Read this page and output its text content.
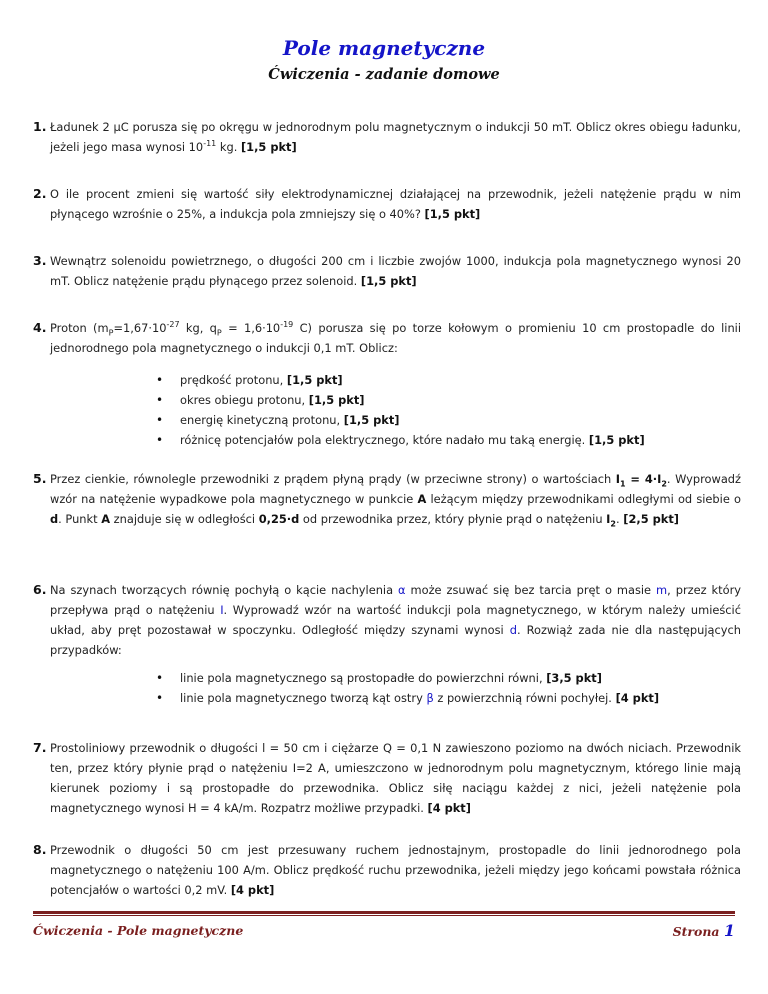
Pole magnetyczne
Ćwiczenia - zadanie domowe
1. Ładunek 2 µC porusza się po okręgu w jednorodnym polu magnetycznym o indukcji 50 mT. Oblicz okres obiegu ładunku, jeżeli jego masa wynosi $10^{-11}$ kg. [1,5 pkt]
2. O ile procent zmieni się wartość siły elektrodynamicznej działającej na przewodnik, jeżeli natężenie prądu w nim płynącego wzrośnie o 25%, a indukcja pola zmniejszy się o 40%? [1,5 pkt]
3. Wewnątrz solenoidu powietrznego, o długości 200 cm i liczbie zwojów 1000, indukcja pola magnetycznego wynosi 20 mT. Oblicz natężenie prądu płynącego przez solenoid. [1,5 pkt]
4. Proton ($m_P=1,67\cdot 10^{-27}$ kg, $q_P = 1,6\cdot 10^{-19}$ C) porusza się po torze kołowym o promieniu 10 cm prostopadle do linii jednorodnego pola magnetycznego o indukcji 0,1 mT. Oblicz:
• prędkość protonu, [1,5 pkt]
• okres obiegu protonu, [1,5 pkt]
• energię kinetyczną protonu, [1,5 pkt]
• różnicę potencjałów pola elektrycznego, które nadało mu taką energię. [1,5 pkt]
5. Przez cienkie, równolegle przewodniki z prądem płyną prądy (w przeciwne strony) o wartościach $I_1 = 4\cdot I_2$. Wyprowadź wzór na natężenie wypadkowe pola magnetycznego w punkcie A leżącym między przewodnikami odległymi od siebie o d. Punkt A znajduje się w odległości 0,25·d od przewodnika przez, który płynie prąd o natężeniu $I_2$. [2,5 pkt]
6. Na szynach tworzących równię pochyłą o kącie nachylenia α może zsuwać się bez tarcia pręt o masie m, przez który przepływa prąd o natężeniu I. Wyprowadź wzór na wartość indukcji pola magnetycznego, w którym należy umieścić układ, aby pręt pozostawał w spoczynku. Odległość między szynami wynosi d. Rozwiąż zada nie dla następujących przypadków:
• linie pola magnetycznego są prostopadłe do powierzchni równi, [3,5 pkt]
• linie pola magnetycznego tworzą kąt ostry β z powierzchnią równi pochyłej. [4 pkt]
7. Prostoliniowy przewodnik o długości l = 50 cm i ciężarze Q = 0,1 N zawieszono poziomo na dwóch niciach. Przewodnik ten, przez który płynie prąd o natężeniu I=2 A, umieszczono w jednorodnym polu magnetycznym, którego linie mają kierunek poziomy i są prostopadłe do przewodnika. Oblicz siłę naciągu każdej z nici, jeżeli natężenie pola magnetycznego wynosi H = 4 kA/m. Rozpatrz możliwe przypadki. [4 pkt]
8. Przewodnik o długości 50 cm jest przesuwany ruchem jednostajnym, prostopadle do linii jednorodnego pola magnetycznego o natężeniu 100 A/m. Oblicz prędkość ruchu przewodnika, jeżeli między jego końcami powstała różnica potencjałów o wartości 0,2 mV. [4 pkt]
Ćwiczenia - Pole magnetyczne	Strona 1
